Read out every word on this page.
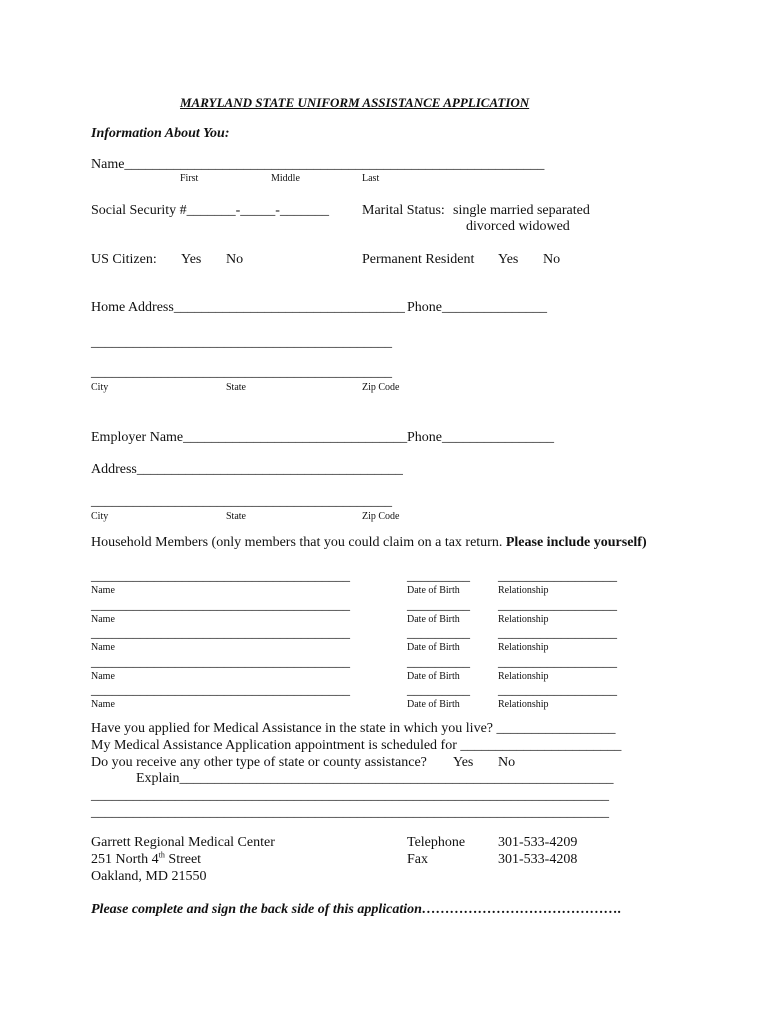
MARYLAND STATE UNIFORM ASSISTANCE APPLICATION
Information About You:
Name____________________________________________________________
First	Middle	Last
Social Security #_______-_____-_______ Marital Status: single married separated
divorced widowed
US Citizen: Yes No	Permanent Resident Yes No
Home Address_________________________________ Phone_______________
___________________________________________
___________________________________________
City	State	Zip Code
Employer Name________________________________ Phone________________
Address______________________________________
___________________________________________
City	State	Zip Code
Household Members (only members that you could claim on a tax return. Please include yourself)
_____________________________________	_________ _________________
Name	Date of Birth	Relationship
_____________________________________	_________ _________________
Name	Date of Birth	Relationship
_____________________________________	_________ _________________
Name	Date of Birth	Relationship
_____________________________________	_________ _________________
Name	Date of Birth	Relationship
_____________________________________	_________ _________________
Name	Date of Birth	Relationship
Have you applied for Medical Assistance in the state in which you live? _________________
My Medical Assistance Application appointment is scheduled for _______________________
Do you receive any other type of state or county assistance? Yes No
Explain______________________________________________________________
__________________________________________________________________________
__________________________________________________________________________
Garrett Regional Medical Center
251 North 4th Street
Oakland, MD 21550
Telephone 301-533-4209
Fax	301-533-4208
Please complete and sign the back side of this application…………………………………….
